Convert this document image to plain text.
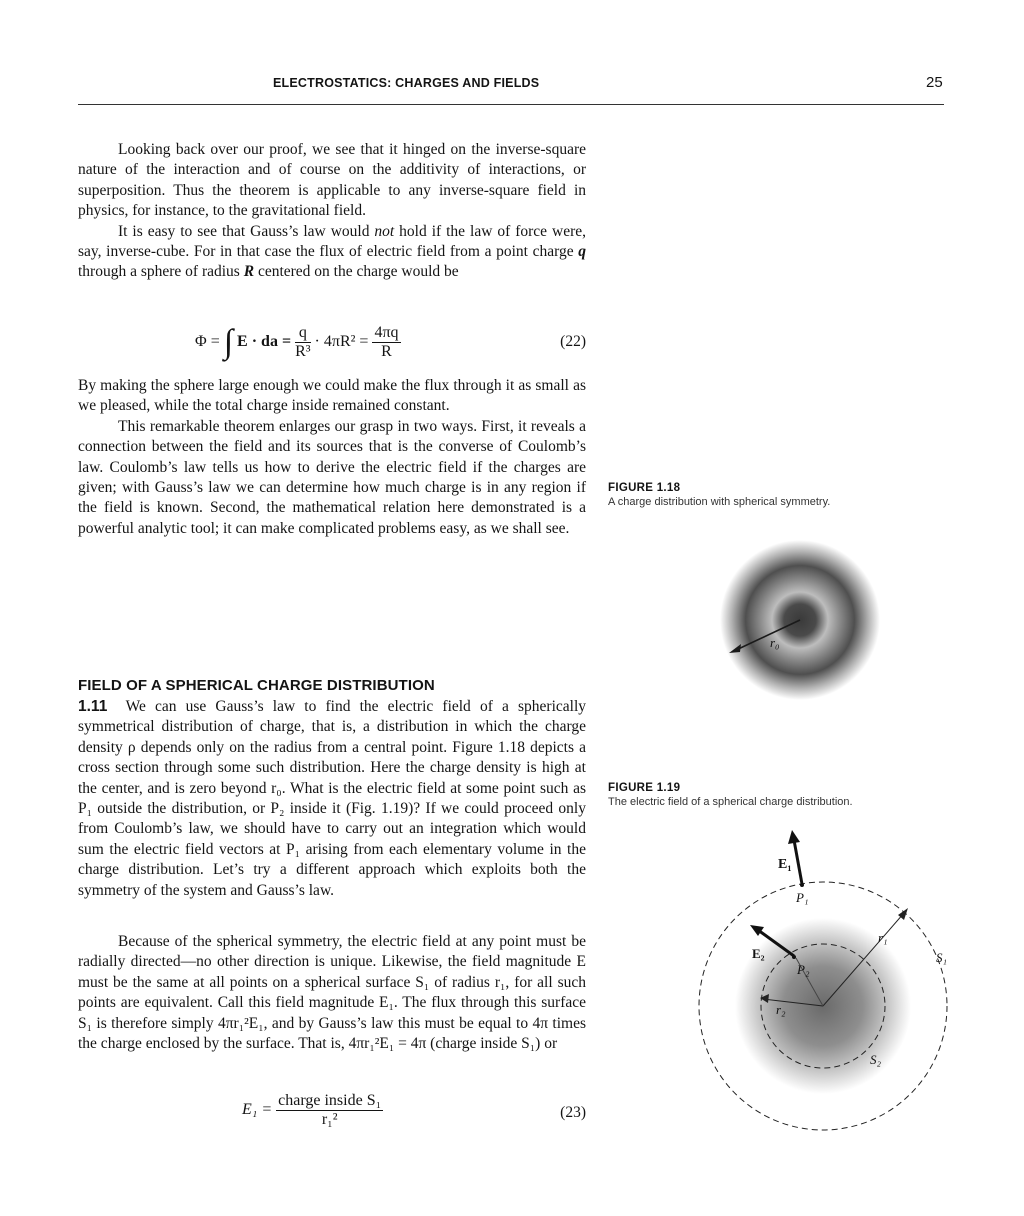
ELECTROSTATICS: CHARGES AND FIELDS	25

Looking back over our proof, we see that it hinged on the inverse-square nature of the interaction and of course on the additivity of interactions, or superposition. Thus the theorem is applicable to any inverse-square field in physics, for instance, to the gravitational field.

It is easy to see that Gauss’s law would not hold if the law of force were, say, inverse-cube. For in that case the flux of electric field from a point charge q through a sphere of radius R centered on the charge would be

Φ = ∫ E · da = $\frac{q}{\text{R³}} \cdot 4\pi R^2 = \frac{4\pi q}{R}$	(22)

By making the sphere large enough we could make the flux through it as small as we pleased, while the total charge inside remained constant.

This remarkable theorem enlarges our grasp in two ways. First, it reveals a connection between the field and its sources that is the converse of Coulomb’s law. Coulomb’s law tells us how to derive the electric field if the charges are given; with Gauss’s law we can determine how much charge is in any region if the field is known. Second, the mathematical relation here demonstrated is a powerful analytic tool; it can make complicated problems easy, as we shall see.

FIELD OF A SPHERICAL CHARGE DISTRIBUTION

1.11 We can use Gauss’s law to find the electric field of a spherically symmetrical distribution of charge, that is, a distribution in which the charge density ρ depends only on the radius from a central point. Figure 1.18 depicts a cross section through some such distribution. Here the charge density is high at the center, and is zero beyond r₀. What is the electric field at some point such as P₁ outside the distribution, or P₂ inside it (Fig. 1.19)? If we could proceed only from Coulomb’s law, we should have to carry out an integration which would sum the electric field vectors at P₁ arising from each elementary volume in the charge distribution. Let’s try a different approach which exploits both the symmetry of the system and Gauss’s law.

Because of the spherical symmetry, the electric field at any point must be radially directed—no other direction is unique. Likewise, the field magnitude E must be the same at all points on a spherical surface S₁ of radius r₁, for all such points are equivalent. Call this field magnitude E₁. The flux through this surface S₁ is therefore simply 4πr₁²E₁, and by Gauss’s law this must be equal to 4π times the charge enclosed by the surface. That is, 4πr₁²E₁ = 4π (charge inside S₁) or

$E_1 = \frac{\text{charge inside S₁}}{\text{r₁²}}$	(23)
FIGURE 1.18
A charge distribution with spherical symmetry.
r₀
FIGURE 1.19
The electric field of a spherical charge distribution.
E₁
P₁
r₁
S₁
E₂
P₂
r₂
S₂
